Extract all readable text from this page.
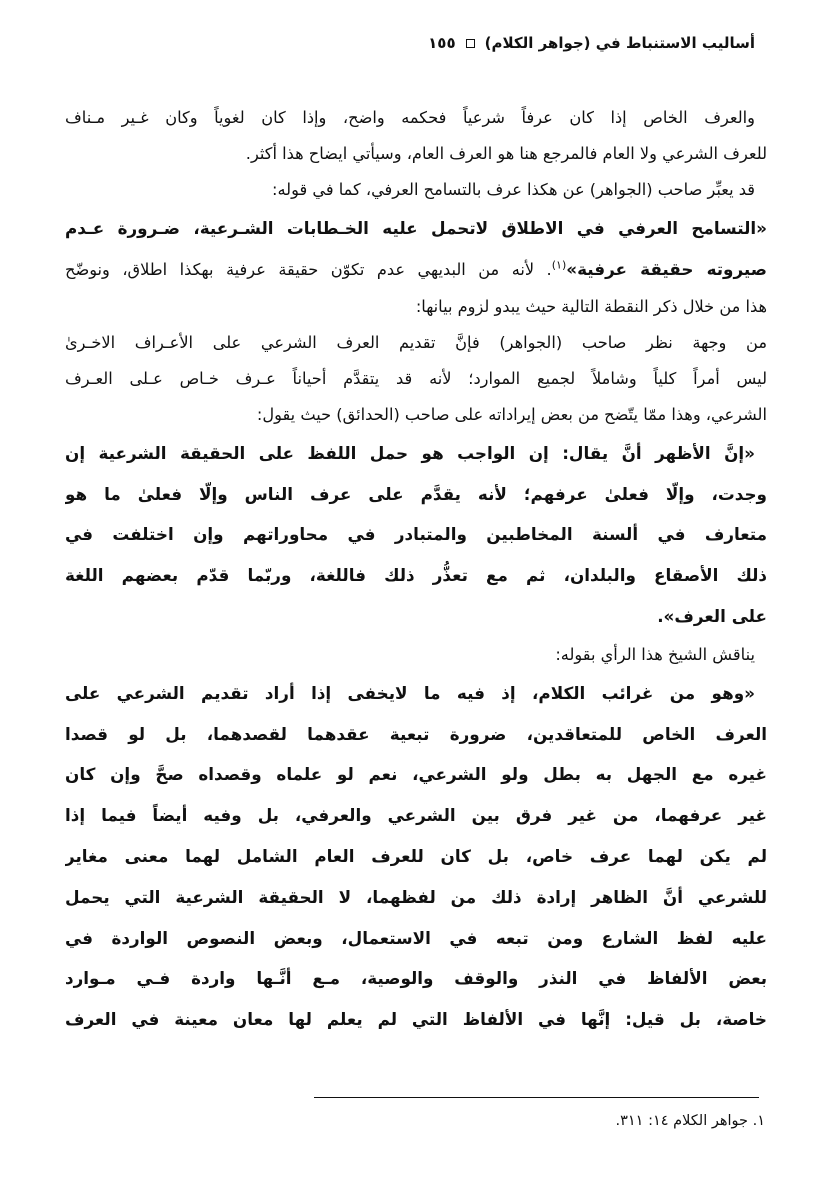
أساليب الاستنباط في (جواهر الكلام)
١٥٥
والعرف الخاص إذا كان عرفاً شرعياً فحكمه واضح، وإذا كان لغوياً وكان غـير مـناف
للعرف الشرعي ولا العام فالمرجع هنا هو العرف العام، وسيأتي ايضاح هذا أكثر.
قد يعبِّر صاحب (الجواهر) عن هكذا عرف بالتسامح العرفي، كما في قوله:
«التسامح العرفي في الاطلاق لاتحمل عليه الخـطابات الشـرعية، ضـرورة عـدم
صيروته حقيقة عرفية»$^{(١)}$. لأنه من البديهي عدم تكوّن حقيقة عرفية بهكذا اطلاق، ونوضّح
هذا من خلال ذكر النقطة التالية حيث يبدو لزوم بيانها:
من وجهة نظر صاحب (الجواهر) فإنَّ تقديم العرف الشرعي على الأعـراف الاخـرىٰ
ليس أمراً كلياً وشاملاً لجميع الموارد؛ لأنه قد يتقدَّم أحياناً عـرف خـاص عـلى العـرف
الشرعي، وهذا ممّا يتّضح من بعض إيراداته على صاحب (الحدائق) حيث يقول:
«إنَّ الأظهر أنَّ يقال: إن الواجب هو حمل اللفظ على الحقيقة الشرعية إن
وجدت، وإلّا فعلىٰ عرفهم؛ لأنه يقدَّم على عرف الناس وإلّا فعلىٰ ما هو
متعارف في ألسنة المخاطبين والمتبادر في محاوراتهم وإن اختلفت في
ذلك الأصقاع والبلدان، ثم مع تعذُّر ذلك فاللغة، وربّما قدّم بعضهم اللغة
على العرف».
يناقش الشيخ هذا الرأي بقوله:
«وهو من غرائب الكلام، إذ فيه ما لايخفى إذا أراد تقديم الشرعي على
العرف الخاص للمتعاقدين، ضرورة تبعية عقدهما لقصدهما، بل لو قصدا
غيره مع الجهل به بطل ولو الشرعي، نعم لو علماه وقصداه صحَّ وإن كان
غير عرفهما، من غير فرق بين الشرعي والعرفي، بل وفيه أيضاً فيما إذا
لم يكن لهما عرف خاص، بل كان للعرف العام الشامل لهما معنى مغاير
للشرعي أنَّ الظاهر إرادة ذلك من لفظهما، لا الحقيقة الشرعية التي يحمل
عليه لفظ الشارع ومن تبعه في الاستعمال، وبعض النصوص الواردة في
بعض الألفاظ في النذر والوقف والوصية، مـع أنَّـها واردة فـي مـوارد
خاصة، بل قيل: إنَّها في الألفاظ التي لم يعلم لها معان معينة في العرف
١. جواهر الكلام ١٤: ٣١١.
